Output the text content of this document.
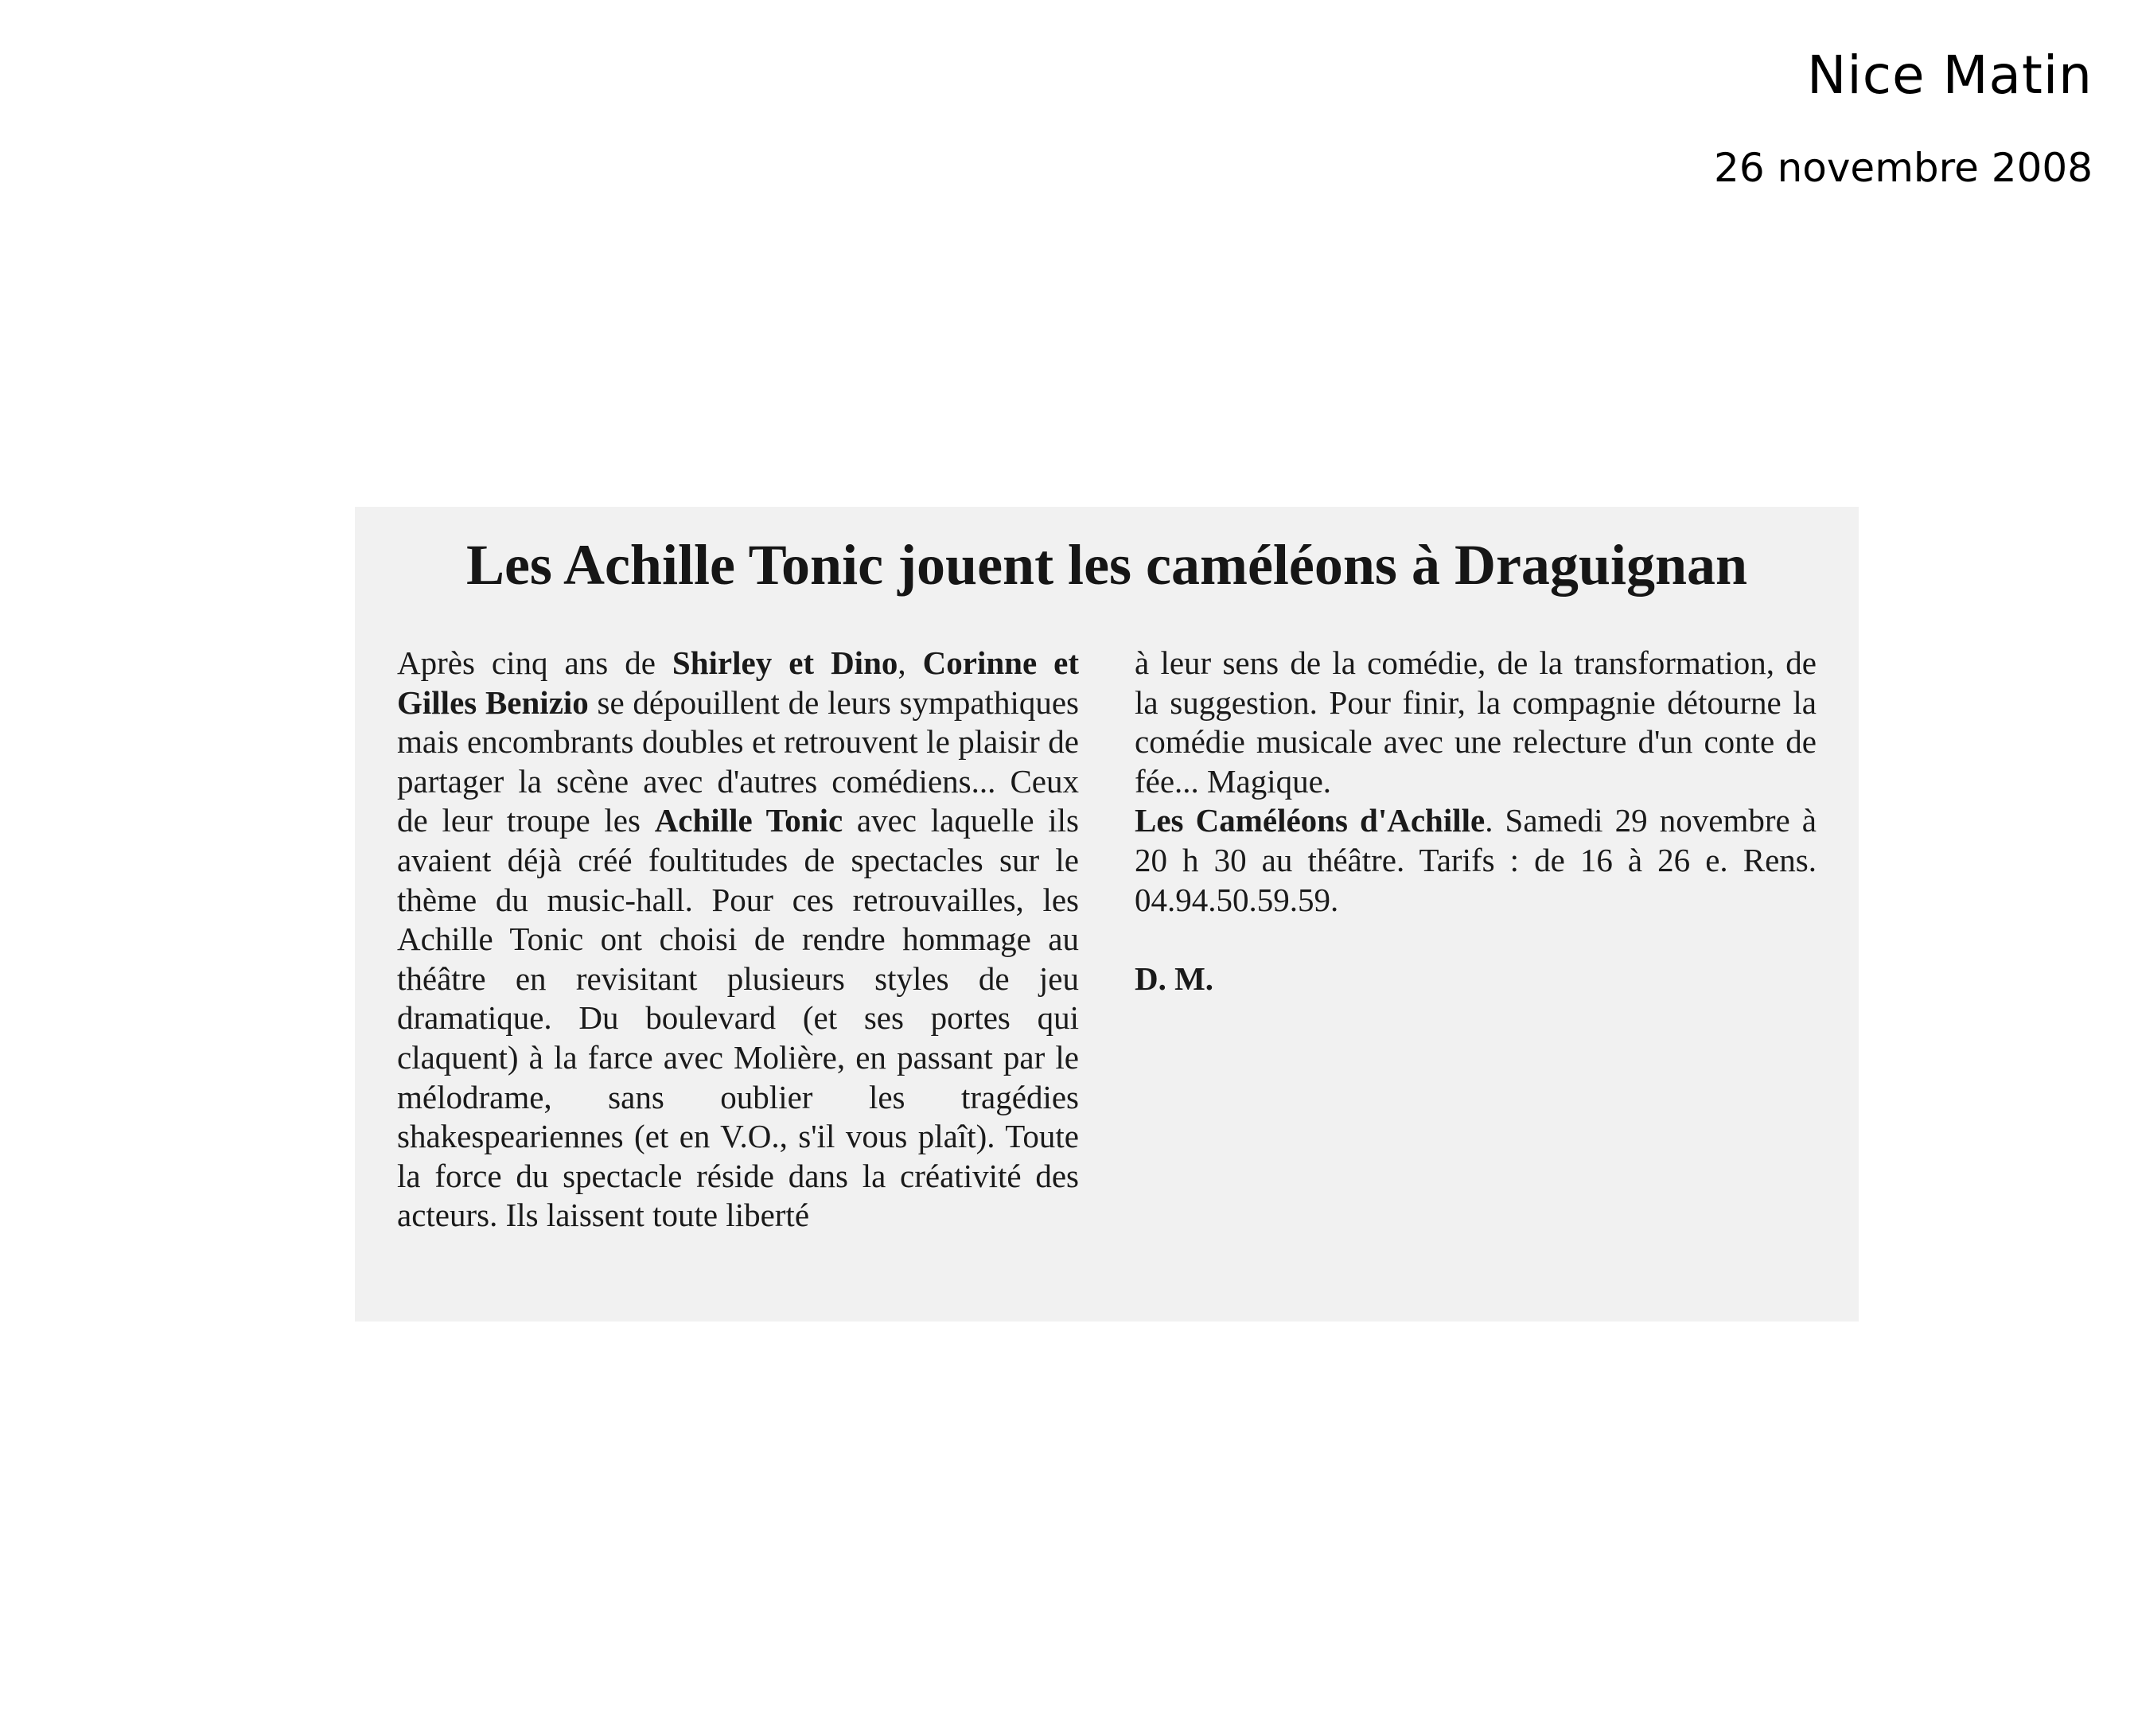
Nice Matin
26 novembre 2008
Les Achille Tonic jouent les caméléons à Draguignan

Après cinq ans de Shirley et Dino, Corinne et Gilles Benizio se dépouillent de leurs sympathiques mais encombrants doubles et retrouvent le plaisir de partager la scène avec d'autres comédiens... Ceux de leur troupe les Achille Tonic avec laquelle ils avaient déjà créé foultitudes de spectacles sur le thème du music-hall. Pour ces retrouvailles, les Achille Tonic ont choisi de rendre hommage au théâtre en revisitant plusieurs styles de jeu dramatique. Du boulevard (et ses portes qui claquent) à la farce avec Molière, en passant par le mélodrame, sans oublier les tragédies shakespeariennes (et en V.O., s'il vous plaît). Toute la force du spectacle réside dans la créativité des acteurs. Ils laissent toute liberté

à leur sens de la comédie, de la transformation, de la suggestion. Pour finir, la compagnie détourne la comédie musicale avec une relecture d'un conte de fée... Magique.

Les Caméléons d'Achille. Samedi 29 novembre à 20 h 30 au théâtre. Tarifs : de 16 à 26 e. Rens. 04.94.50.59.59.

D. M.
